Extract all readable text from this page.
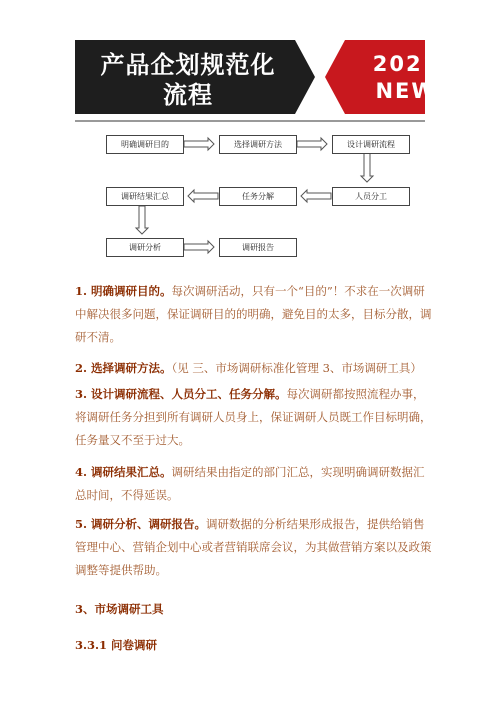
产品企划规范化
流程
2021
NEW
明确调研目的	选择调研方法	设计调研流程
人员分工
任务分解
调研结果汇总
调研分析	调研报告

1. 明确调研目的。每次调研活动，只有一个“目的”！不求在一次调研中解决很多问题，保证调研目的的明确，避免目的太多，目标分散，调研不清。

2. 选择调研方法。（见 三、市场调研标准化管理 3、市场调研工具）

3. 设计调研流程、人员分工、任务分解。每次调研都按照流程办事，将调研任务分担到所有调研人员身上，保证调研人员既工作目标明确，任务量又不至于过大。

4. 调研结果汇总。调研结果由指定的部门汇总，实现明确调研数据汇总时间，不得延误。

5. 调研分析、调研报告。调研数据的分析结果形成报告，提供给销售管理中心、营销企划中心或者营销联席会议，为其做营销方案以及政策调整等提供帮助。

3、市场调研工具
3.3.1 问卷调研
